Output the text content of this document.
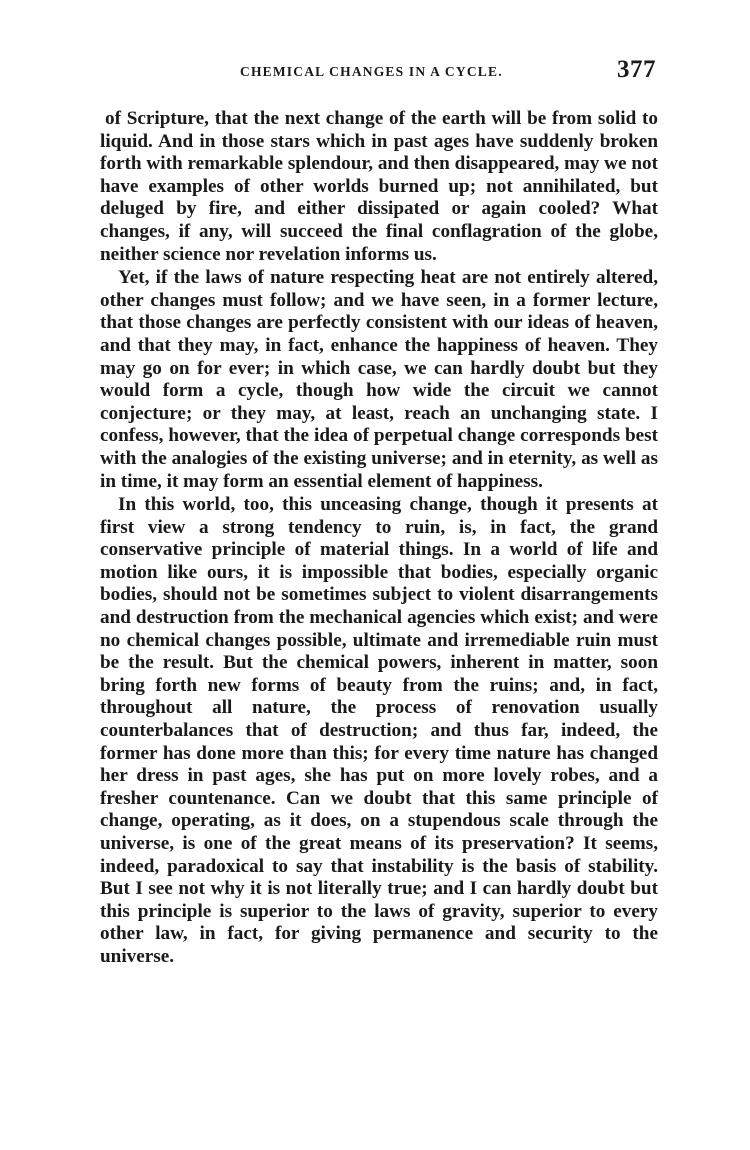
CHEMICAL CHANGES IN A CYCLE.	377

of Scripture, that the next change of the earth will be from solid to liquid. And in those stars which in past ages have suddenly broken forth with remarkable splendour, and then disappeared, may we not have examples of other worlds burned up; not annihilated, but deluged by fire, and either dissipated or again cooled? What changes, if any, will succeed the final conflagration of the globe, neither science nor revelation informs us.

Yet, if the laws of nature respecting heat are not entirely altered, other changes must follow; and we have seen, in a former lecture, that those changes are perfectly consistent with our ideas of heaven, and that they may, in fact, enhance the happiness of heaven. They may go on for ever; in which case, we can hardly doubt but they would form a cycle, though how wide the circuit we cannot conjecture; or they may, at least, reach an unchanging state. I confess, however, that the idea of perpetual change corresponds best with the analogies of the existing universe; and in eternity, as well as in time, it may form an essential element of happiness.

In this world, too, this unceasing change, though it presents at first view a strong tendency to ruin, is, in fact, the grand conservative principle of material things. In a world of life and motion like ours, it is impossible that bodies, especially organic bodies, should not be sometimes subject to violent disarrangements and destruction from the mechanical agencies which exist; and were no chemical changes possible, ultimate and irremediable ruin must be the result. But the chemical powers, inherent in matter, soon bring forth new forms of beauty from the ruins; and, in fact, throughout all nature, the process of renovation usually counterbalances that of destruction; and thus far, indeed, the former has done more than this; for every time nature has changed her dress in past ages, she has put on more lovely robes, and a fresher countenance. Can we doubt that this same principle of change, operating, as it does, on a stupendous scale through the universe, is one of the great means of its preservation? It seems, indeed, paradoxical to say that instability is the basis of stability. But I see not why it is not literally true; and I can hardly doubt but this principle is superior to the laws of gravity, superior to every other law, in fact, for giving permanence and security to the universe.
